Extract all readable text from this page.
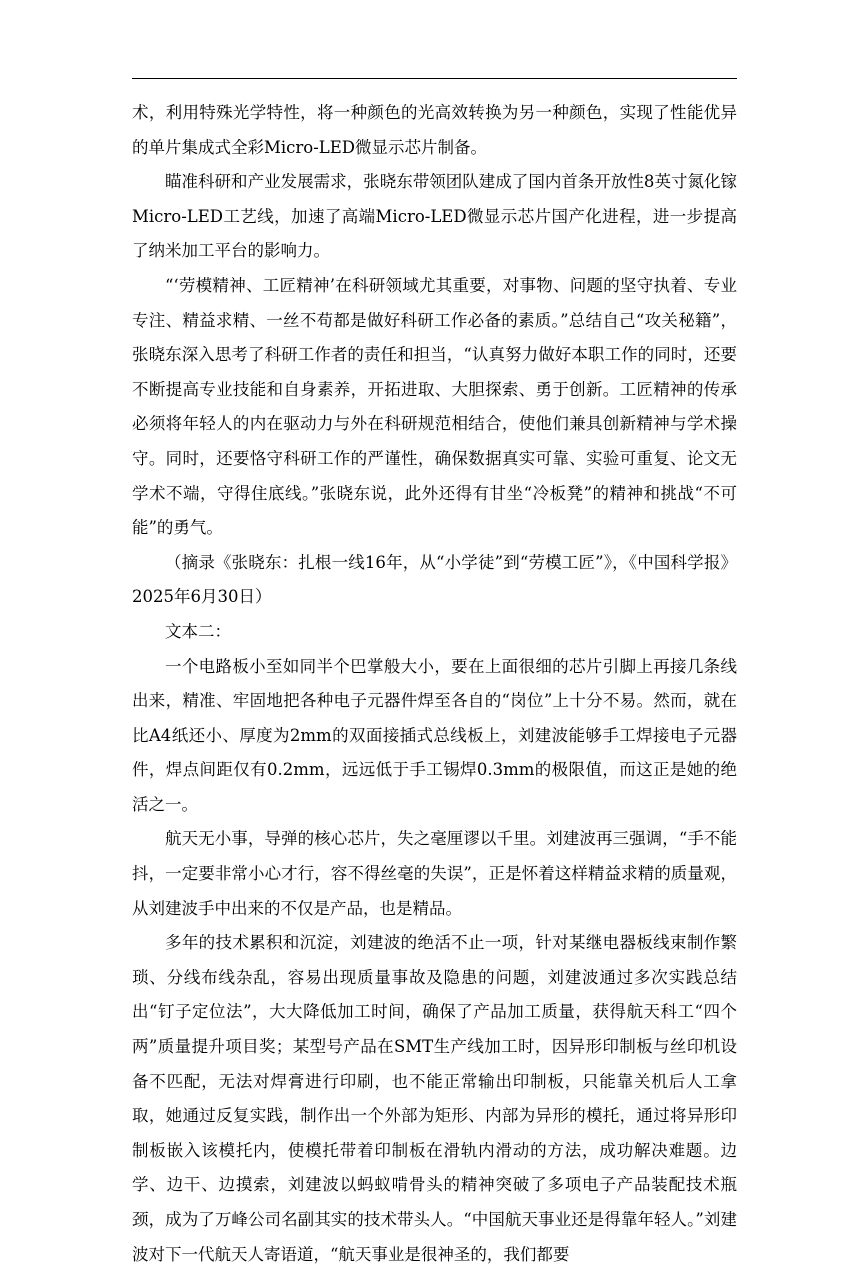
术，利用特殊光学特性，将一种颜色的光高效转换为另一种颜色，实现了性能优异的单片集成式全彩Micro-LED微显示芯片制备。

瞄准科研和产业发展需求，张晓东带领团队建成了国内首条开放性8英寸氮化镓Micro-LED工艺线，加速了高端Micro-LED微显示芯片国产化进程，进一步提高了纳米加工平台的影响力。

“‘劳模精神、工匠精神’在科研领域尤其重要，对事物、问题的坚守执着、专业专注、精益求精、一丝不苟都是做好科研工作必备的素质。”总结自己“攻关秘籍”，张晓东深入思考了科研工作者的责任和担当，“认真努力做好本职工作的同时，还要不断提高专业技能和自身素养，开拓进取、大胆探索、勇于创新。工匠精神的传承必须将年轻人的内在驱动力与外在科研规范相结合，使他们兼具创新精神与学术操守。同时，还要恪守科研工作的严谨性，确保数据真实可靠、实验可重复、论文无学术不端，守得住底线。”张晓东说，此外还得有甘坐“冷板凳”的精神和挑战“不可能”的勇气。

（摘录《张晓东：扎根一线16年，从“小学徒”到“劳模工匠”》，《中国科学报》2025年6月30日）

文本二：

一个电路板小至如同半个巴掌般大小，要在上面很细的芯片引脚上再接几条线出来，精准、牢固地把各种电子元器件焊至各自的“岗位”上十分不易。然而，就在比A4纸还小、厚度为2mm的双面接插式总线板上，刘建波能够手工焊接电子元器件，焊点间距仅有0.2mm，远远低于手工锡焊0.3mm的极限值，而这正是她的绝活之一。

航天无小事，导弹的核心芯片，失之毫厘谬以千里。刘建波再三强调，“手不能抖，一定要非常小心才行，容不得丝毫的失误”，正是怀着这样精益求精的质量观，从刘建波手中出来的不仅是产品，也是精品。

多年的技术累积和沉淀，刘建波的绝活不止一项，针对某继电器板线束制作繁琐、分线布线杂乱，容易出现质量事故及隐患的问题，刘建波通过多次实践总结出“钉子定位法”，大大降低加工时间，确保了产品加工质量，获得航天科工“四个两”质量提升项目奖；某型号产品在SMT生产线加工时，因异形印制板与丝印机设备不匹配，无法对焊膏进行印刷，也不能正常输出印制板，只能靠关机后人工拿取，她通过反复实践，制作出一个外部为矩形、内部为异形的模托，通过将异形印制板嵌入该模托内，使模托带着印制板在滑轨内滑动的方法，成功解决难题。边学、边干、边摸索，刘建波以蚂蚁啃骨头的精神突破了多项电子产品装配技术瓶颈，成为了万峰公司名副其实的技术带头人。“中国航天事业还是得靠年轻人。”刘建波对下一代航天人寄语道，“航天事业是很神圣的，我们都要
